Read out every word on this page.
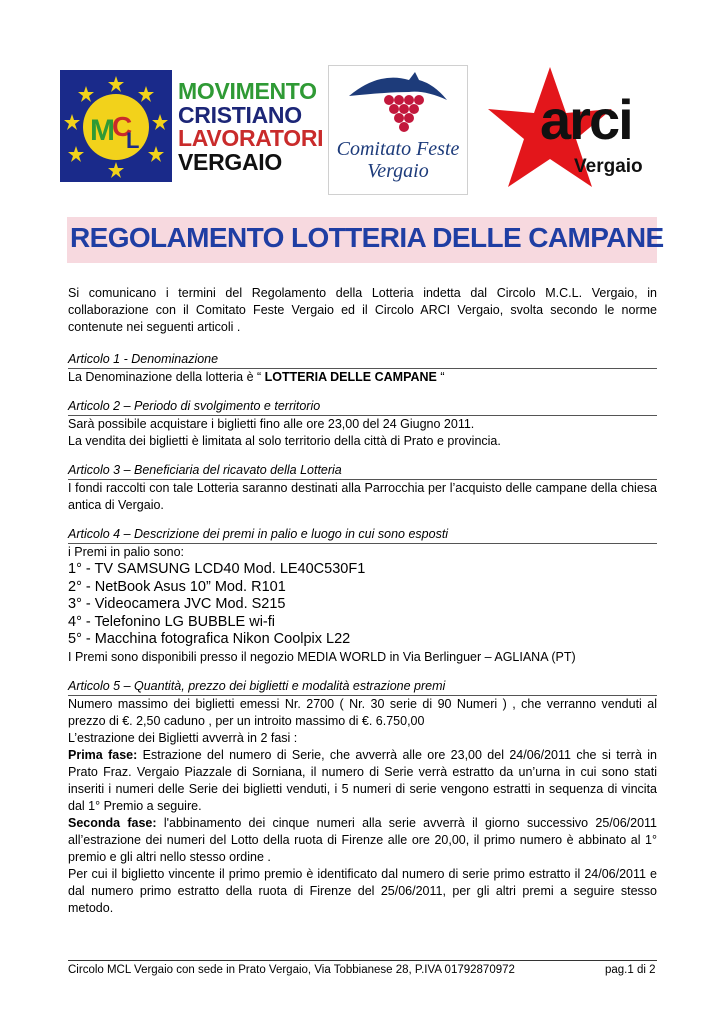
M
C
L
MOVIMENTO
CRISTIANO
LAVORATORI
VERGAIO	Comitato Feste
Vergaio
arci
Vergaio
REGOLAMENTO LOTTERIA DELLE CAMPANE

Si comunicano i termini del Regolamento della Lotteria indetta dal Circolo M.C.L. Vergaio, in collaborazione con il Comitato Feste Vergaio ed il Circolo ARCI Vergaio, svolta secondo le norme contenute nei seguenti articoli .

Articolo 1 - Denominazione

La Denominazione della lotteria è “ LOTTERIA DELLE CAMPANE “

Articolo 2 – Periodo di svolgimento e territorio

Sarà possibile acquistare i biglietti fino alle ore 23,00 del 24 Giugno 2011.

La vendita dei biglietti è limitata al solo territorio della città di Prato e provincia.

Articolo 3 – Beneficiaria del ricavato della Lotteria

I fondi raccolti con tale Lotteria saranno destinati alla Parrocchia per l’acquisto delle campane della chiesa antica di Vergaio.

Articolo 4 – Descrizione dei premi in palio e luogo in cui sono esposti

i Premi in palio sono:

1° - TV SAMSUNG LCD40 Mod. LE40C530F1

2° - NetBook Asus 10” Mod. R101

3° - Videocamera JVC Mod. S215

4° - Telefonino LG BUBBLE wi-fi

5° - Macchina fotografica Nikon Coolpix L22

I Premi sono disponibili presso il negozio MEDIA WORLD in Via Berlinguer – AGLIANA (PT)

Articolo 5 – Quantità, prezzo dei biglietti e modalità estrazione premi

Numero massimo dei biglietti emessi Nr. 2700 ( Nr. 30 serie di 90 Numeri ) , che verranno venduti al prezzo di €. 2,50 caduno , per un introito massimo di €. 6.750,00

L’estrazione dei Biglietti avverrà in 2 fasi :

Prima fase: Estrazione del numero di Serie, che avverrà alle ore 23,00 del 24/06/2011 che si terrà in Prato Fraz. Vergaio Piazzale di Sorniana, il numero di Serie verrà estratto da un’urna in cui sono stati inseriti i numeri delle Serie dei biglietti venduti, i 5 numeri di serie vengono estratti in sequenza di vincita dal 1° Premio a seguire.

Seconda fase: l'abbinamento dei cinque numeri alla serie avverrà il giorno successivo 25/06/2011 all’estrazione dei numeri del Lotto della ruota di Firenze alle ore 20,00, il primo numero è abbinato al 1° premio e gli altri nello stesso ordine .

Per cui il biglietto vincente il primo premio è identificato dal numero di serie primo estratto il 24/06/2011 e dal numero primo estratto della ruota di Firenze del 25/06/2011, per gli altri premi a seguire stesso metodo.

Circolo MCL Vergaio con sede in Prato Vergaio, Via Tobbianese 28, P.IVA 01792870972	pag.1 di 2
